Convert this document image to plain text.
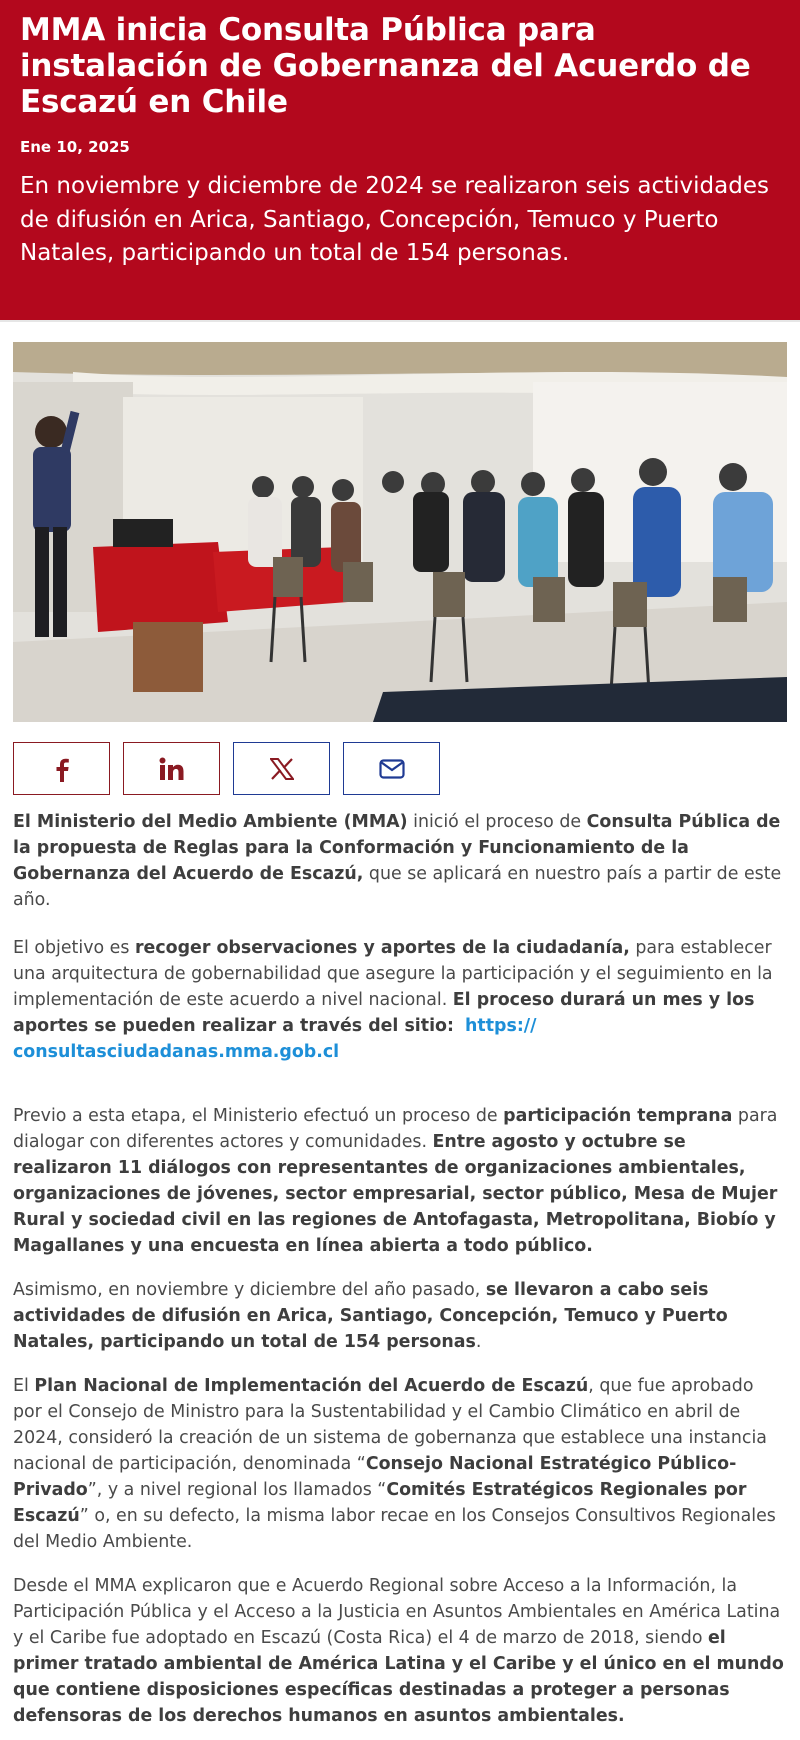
MMA inicia Consulta Pública para instalación de Gobernanza del Acuerdo de Escazú en Chile
Ene 10, 2025
En noviembre y diciembre de 2024 se realizaron seis actividades de difusión en Arica, Santiago, Concepción, Temuco y Puerto Natales, participando un total de 154 personas.

El Ministerio del Medio Ambiente (MMA) inició el proceso de Consulta Pública de la propuesta de Reglas para la Conformación y Funcionamiento de la Gobernanza del Acuerdo de Escazú, que se aplicará en nuestro país a partir de este año.

El objetivo es recoger observaciones y aportes de la ciudadanía, para establecer una arquitectura de gobernabilidad que asegure la participación y el seguimiento en la implementación de este acuerdo a nivel nacional. El proceso durará un mes y los aportes se pueden realizar a través del sitio: https:// consultasciudadanas.mma.gob.cl

Previo a esta etapa, el Ministerio efectuó un proceso de participación temprana para dialogar con diferentes actores y comunidades. Entre agosto y octubre se realizaron 11 diálogos con representantes de organizaciones ambientales, organizaciones de jóvenes, sector empresarial, sector público, Mesa de Mujer Rural y sociedad civil en las regiones de Antofagasta, Metropolitana, Biobío y Magallanes y una encuesta en línea abierta a todo público.

Asimismo, en noviembre y diciembre del año pasado, se llevaron a cabo seis actividades de difusión en Arica, Santiago, Concepción, Temuco y Puerto Natales, participando un total de 154 personas.

El Plan Nacional de Implementación del Acuerdo de Escazú, que fue aprobado por el Consejo de Ministro para la Sustentabilidad y el Cambio Climático en abril de 2024, consideró la creación de un sistema de gobernanza que establece una instancia nacional de participación, denominada “Consejo Nacional Estratégico Público-Privado”, y a nivel regional los llamados “Comités Estratégicos Regionales por Escazú” o, en su defecto, la misma labor recae en los Consejos Consultivos Regionales del Medio Ambiente.

Desde el MMA explicaron que e Acuerdo Regional sobre Acceso a la Información, la Participación Pública y el Acceso a la Justicia en Asuntos Ambientales en América Latina y el Caribe fue adoptado en Escazú (Costa Rica) el 4 de marzo de 2018, siendo el primer tratado ambiental de América Latina y el Caribe y el único en el mundo que contiene disposiciones específicas destinadas a proteger a personas defensoras de los derechos humanos en asuntos ambientales.
